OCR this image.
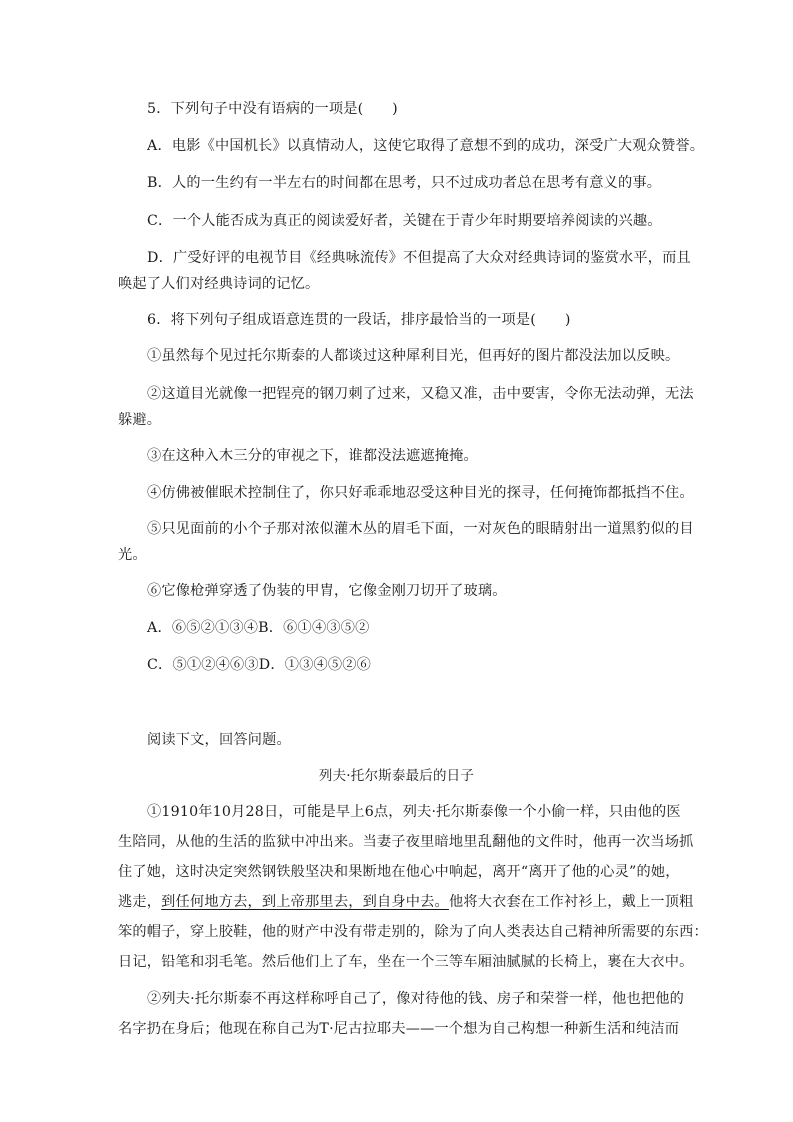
5．下列句子中没有语病的一项是(　　)
A．电影《中国机长》以真情动人，这使它取得了意想不到的成功，深受广大观众赞誉。
B．人的一生约有一半左右的时间都在思考，只不过成功者总在思考有意义的事。
C．一个人能否成为真正的阅读爱好者，关键在于青少年时期要培养阅读的兴趣。
D．广受好评的电视节目《经典咏流传》不但提高了大众对经典诗词的鉴赏水平，而且
唤起了人们对经典诗词的记忆。
6．将下列句子组成语意连贯的一段话，排序最恰当的一项是(　　)
①虽然每个见过托尔斯泰的人都谈过这种犀利目光，但再好的图片都没法加以反映。
②这道目光就像一把锃亮的钢刀刺了过来，又稳又准，击中要害，令你无法动弹，无法
躲避。
③在这种入木三分的审视之下，谁都没法遮遮掩掩。
④仿佛被催眠术控制住了，你只好乖乖地忍受这种目光的探寻，任何掩饰都抵挡不住。
⑤只见面前的小个子那对浓似灌木丛的眉毛下面，一对灰色的眼睛射出一道黑豹似的目
光。
⑥它像枪弹穿透了伪装的甲胄，它像金刚刀切开了玻璃。
A．⑥⑤②①③④B．⑥①④③⑤②
C．⑤①②④⑥③D．①③④⑤②⑥
阅读下文，回答问题。
列夫·托尔斯泰最后的日子
①1910年10月28日，可能是早上6点，列夫·托尔斯泰像一个小偷一样，只由他的医
生陪同，从他的生活的监狱中冲出来。当妻子夜里暗地里乱翻他的文件时，他再一次当场抓
住了她，这时决定突然钢铁般坚决和果断地在他心中响起，离开“离开了他的心灵”的她，
逃走，到任何地方去，到上帝那里去，到自身中去。他将大衣套在工作衬衫上，戴上一顶粗
笨的帽子，穿上胶鞋，他的财产中没有带走别的，除为了向人类表达自己精神所需要的东西：
日记，铅笔和羽毛笔。然后他们上了车，坐在一个三等车厢油腻腻的长椅上，裹在大衣中。
②列夫·托尔斯泰不再这样称呼自己了，像对待他的钱、房子和荣誉一样，他也把他的
名字扔在身后；他现在称自己为T·尼古拉耶夫——一个想为自己构想一种新生活和纯洁而
